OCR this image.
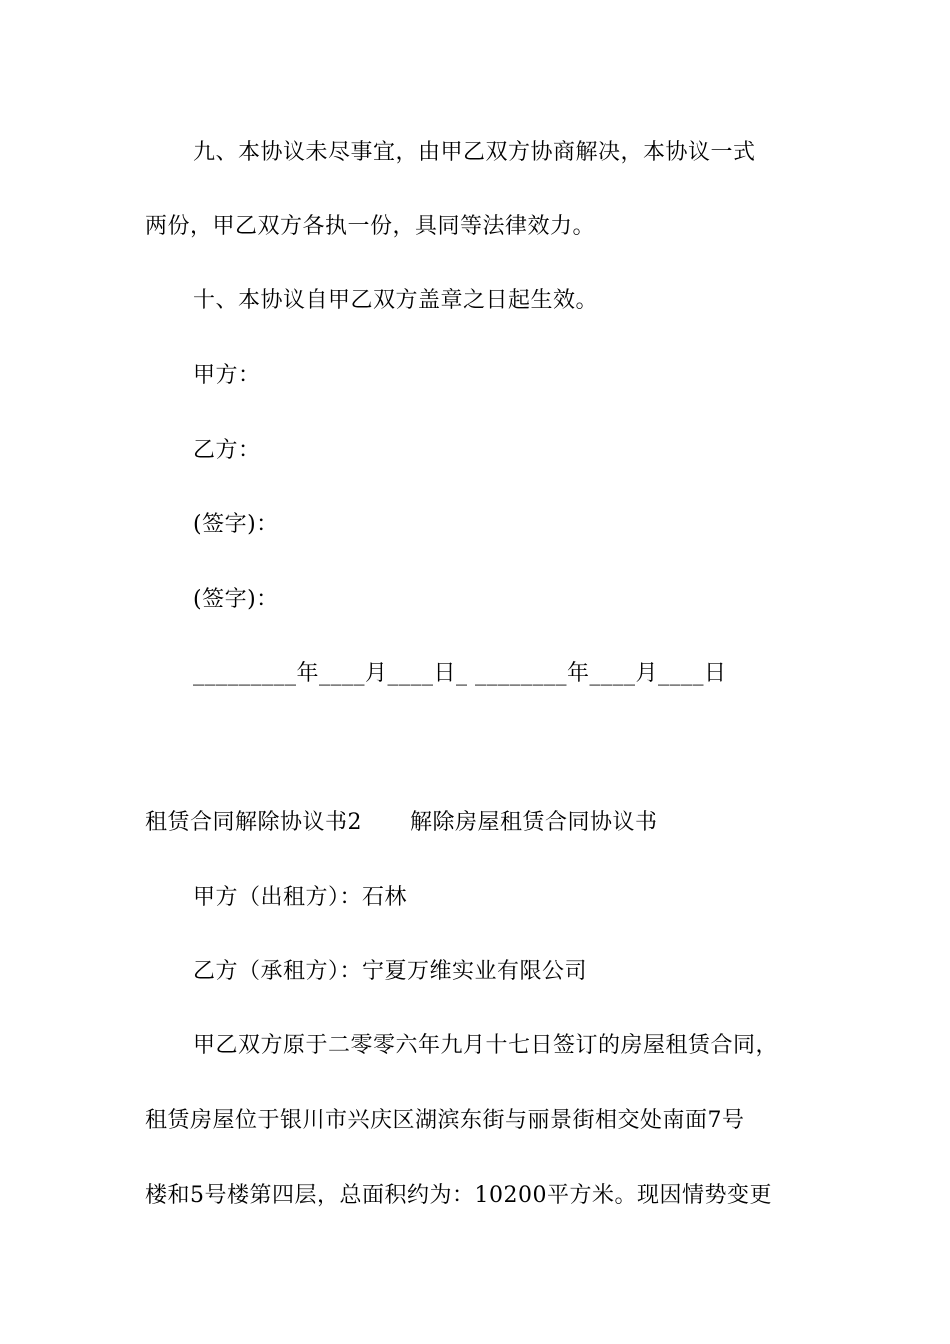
九、本协议未尽事宜，由甲乙双方协商解决，本协议一式
两份，甲乙双方各执一份，具同等法律效力。
十、本协议自甲乙双方盖章之日起生效。
甲方：
乙方：
(签字)：
(签字)：
_________年____月____日_ ________年____月____日
租赁合同解除协议书2 解除房屋租赁合同协议书
甲方（出租方）：石林
乙方（承租方）：宁夏万维实业有限公司
甲乙双方原于二零零六年九月十七日签订的房屋租赁合同，
租赁房屋位于银川市兴庆区湖滨东街与丽景街相交处南面7号
楼和5号楼第四层，总面积约为：10200平方米。现因情势变更
